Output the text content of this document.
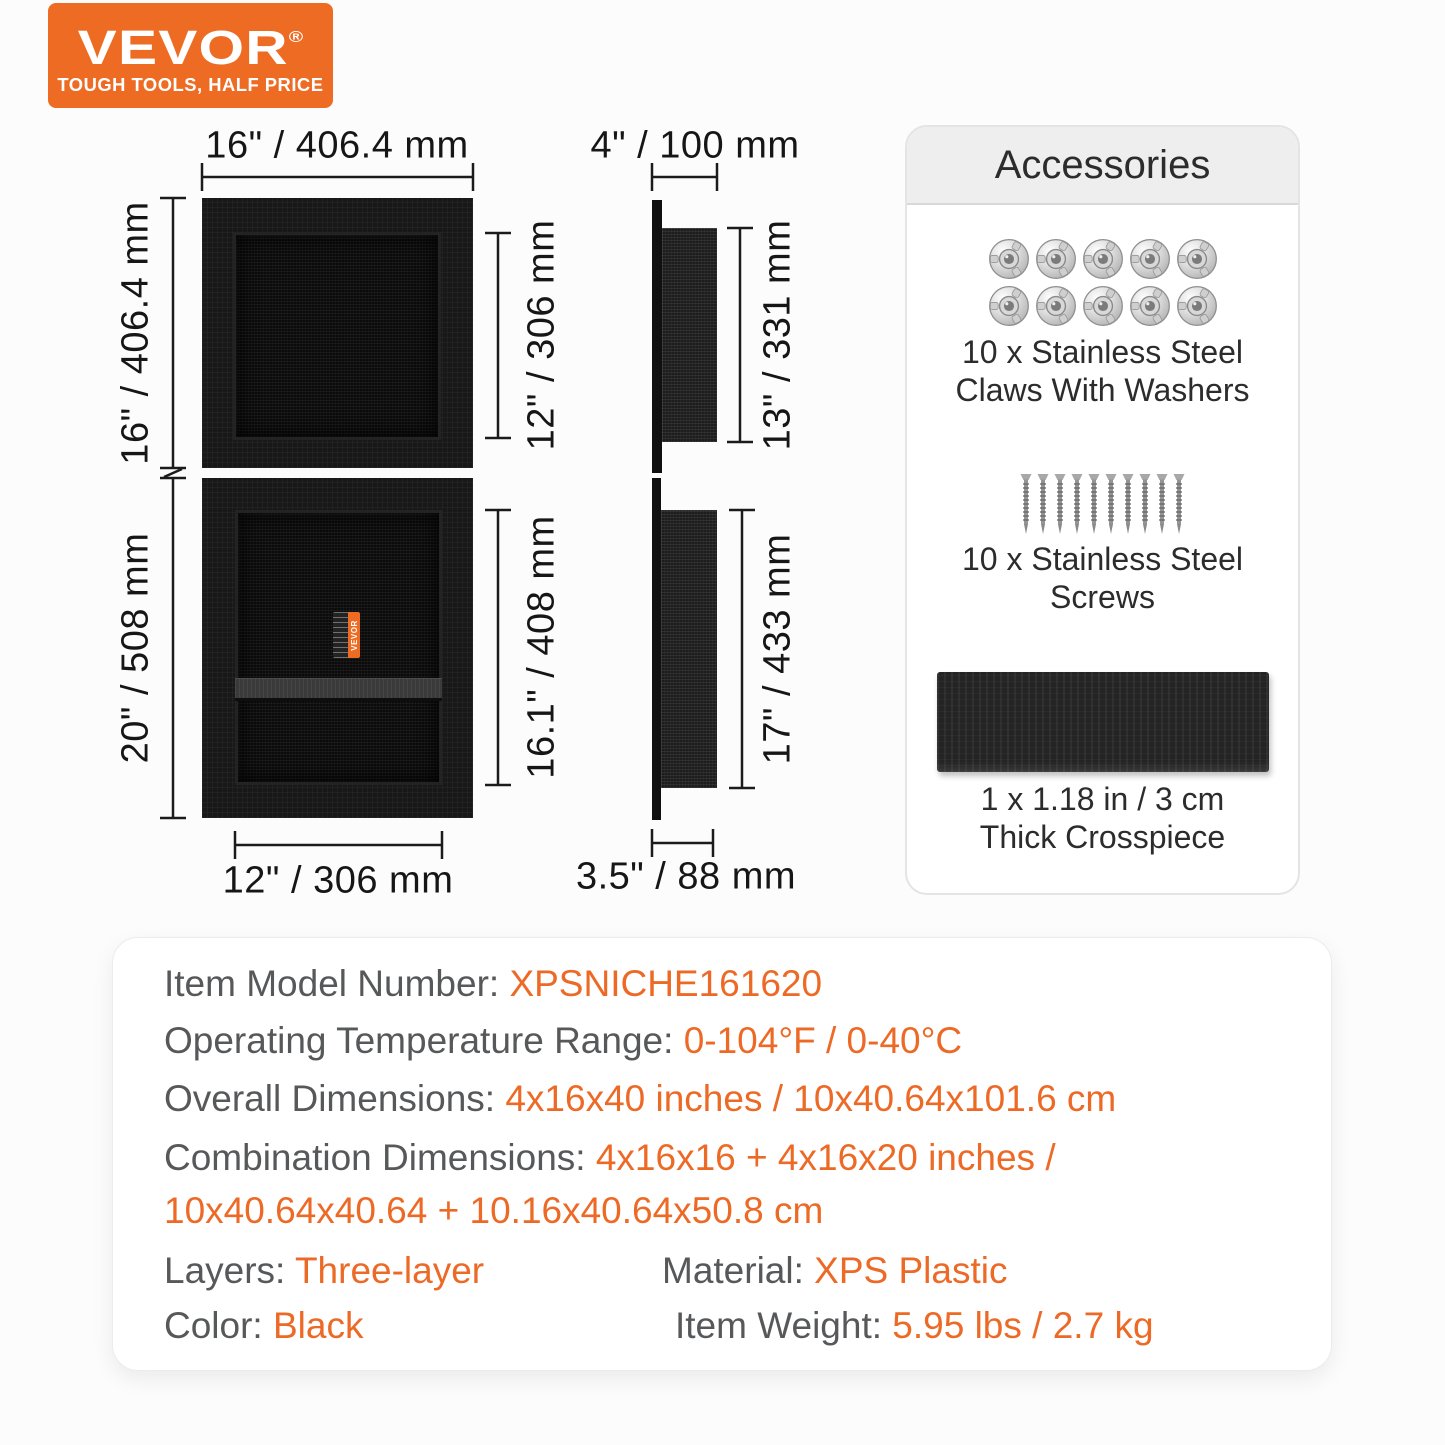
VEVOR®
TOUGH TOOLS, HALF PRICE
VEVOR
16" / 406.4 mm	4" / 100 mm
16" / 406.4 mm
20" / 508 mm
12" / 306 mm
16.1" / 408 mm
13" / 331 mm
17" / 433 mm
12" / 306 mm	3.5" / 88 mm
Accessories
10 x Stainless Steel
Claws With Washers
10 x Stainless Steel
Screws
1 x 1.18 in / 3 cm
Thick Crosspiece
Item Model Number: XPSNICHE161620
Operating Temperature Range: 0-104°F / 0-40°C
Overall Dimensions: 4x16x40 inches / 10x40.64x101.6 cm
Combination Dimensions: 4x16x16 + 4x16x20 inches /
10x40.64x40.64 + 10.16x40.64x50.8 cm
Layers: Three-layer	Material: XPS Plastic
Color: Black	Item Weight: 5.95 lbs / 2.7 kg
